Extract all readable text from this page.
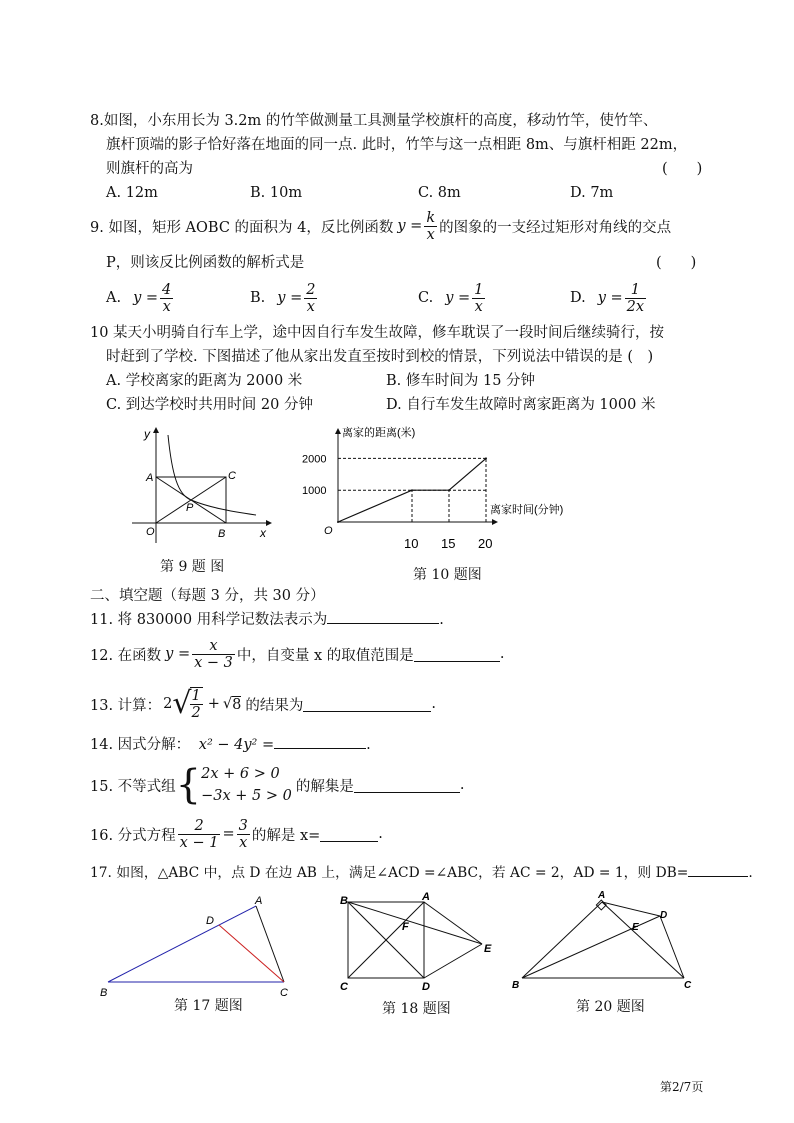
8.如图，小东用长为 3.2m 的竹竿做测量工具测量学校旗杆的高度，移动竹竿，使竹竿、
旗杆顶端的影子恰好落在地面的同一点. 此时，竹竿与这一点相距 8m、与旗杆相距 22m，
则旗杆的高为	(　　)
A. 12m	B. 10m	C. 8m	D. 7m
9. 如图，矩形 AOBC 的面积为 4，反比例函数 $y = \frac{k}{x}$ 的图象的一支经过矩形对角线的交点
P，则该反比例函数的解析式是	(　　)
A. $y = \frac{4}{x}$	B. $y = \frac{2}{x}$	C. $y = \frac{1}{x}$	D. $y = \frac{1}{2x}$
10 某天小明骑自行车上学，途中因自行车发生故障，修车耽误了一段时间后继续骑行，按
时赶到了学校. 下图描述了他从家出发直至按时到校的情景，下列说法中错误的是 (　)
A. 学校离家的距离为 2000 米	B. 修车时间为 15 分钟
C. 到达学校时共用时间 20 分钟	D. 自行车发生故障时离家距离为 1000 米
y
x
A	C
O	B
P
第 9 题 图
离家的距离(米)
离家时间(分钟)
O
2000
1000
10 15 20
第 10 题图
二、填空题（每题 3 分，共 30 分）
11. 将 830000 用科学记数法表示为	.
12. 在函数 $y = \frac{x}{x - 3}$ 中，自变量 x 的取值范围是	.
13. 计算： 2 √
$\frac{1}{2}$ + √ 8 的结果为	.
14. 因式分解： x² − 4y² =	.
15. 不等式组 { 2x + 6 > 0
−3x + 5 > 0
的解集是	.
16. 分式方程 $\frac{2}{x - 1} = \frac{3}{x}$ 的解是 x=	.
17. 如图，△ABC 中，点 D 在边 AB 上，满足∠ACD =∠ABC，若 AC = 2，AD = 1，则 DB=	.
A
D
B	C
第 17 题图
B	A
F
E
C	D
第 18 题图
A
D
E
B	C
第 20 题图
第2/7页
